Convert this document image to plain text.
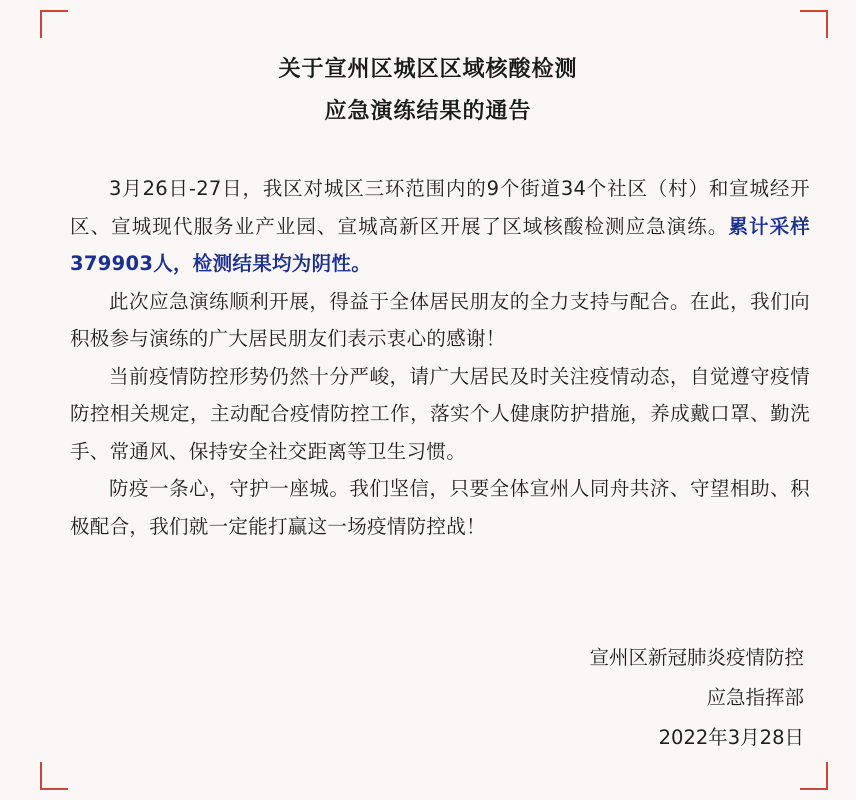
关于宣州区城区区域核酸检测
应急演练结果的通告

3月26日-27日，我区对城区三环范围内的9个街道34个社区（村）和宣城经开区、宣城现代服务业产业园、宣城高新区开展了区域核酸检测应急演练。累计采样379903人，检测结果均为阴性。

此次应急演练顺利开展，得益于全体居民朋友的全力支持与配合。在此，我们向积极参与演练的广大居民朋友们表示衷心的感谢！

当前疫情防控形势仍然十分严峻，请广大居民及时关注疫情动态，自觉遵守疫情防控相关规定，主动配合疫情防控工作，落实个人健康防护措施，养成戴口罩、勤洗手、常通风、保持安全社交距离等卫生习惯。

防疫一条心，守护一座城。我们坚信，只要全体宣州人同舟共济、守望相助、积极配合，我们就一定能打赢这一场疫情防控战！

宣州区新冠肺炎疫情防控
应急指挥部
2022年3月28日
